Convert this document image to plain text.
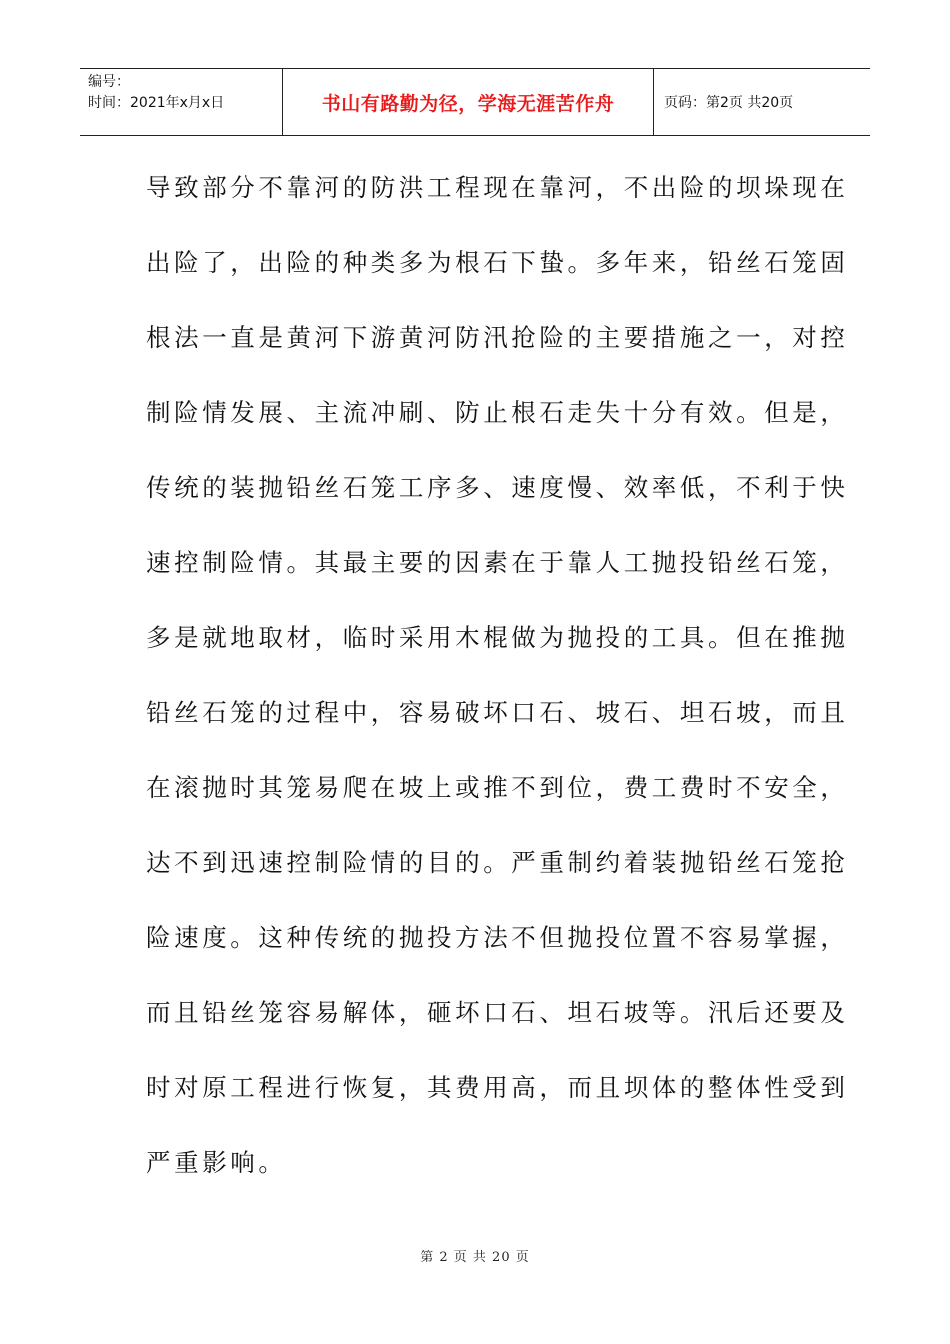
编号：
时间：2021年x月x日	书山有路勤为径，学海无涯苦作舟	页码：第2页 共20页
导致部分不靠河的防洪工程现在靠河，不出险的坝垛现在
出险了，出险的种类多为根石下蛰。多年来，铅丝石笼固
根法一直是黄河下游黄河防汛抢险的主要措施之一，对控
制险情发展、主流冲刷、防止根石走失十分有效。但是，
传统的装抛铅丝石笼工序多、速度慢、效率低，不利于快
速控制险情。其最主要的因素在于靠人工抛投铅丝石笼，
多是就地取材，临时采用木棍做为抛投的工具。但在推抛
铅丝石笼的过程中，容易破坏口石、坡石、坦石坡，而且
在滚抛时其笼易爬在坡上或推不到位，费工费时不安全，
达不到迅速控制险情的目的。严重制约着装抛铅丝石笼抢
险速度。这种传统的抛投方法不但抛投位置不容易掌握，
而且铅丝笼容易解体，砸坏口石、坦石坡等。汛后还要及
时对原工程进行恢复，其费用高，而且坝体的整体性受到
严重影响。
第 2 页 共 20 页
